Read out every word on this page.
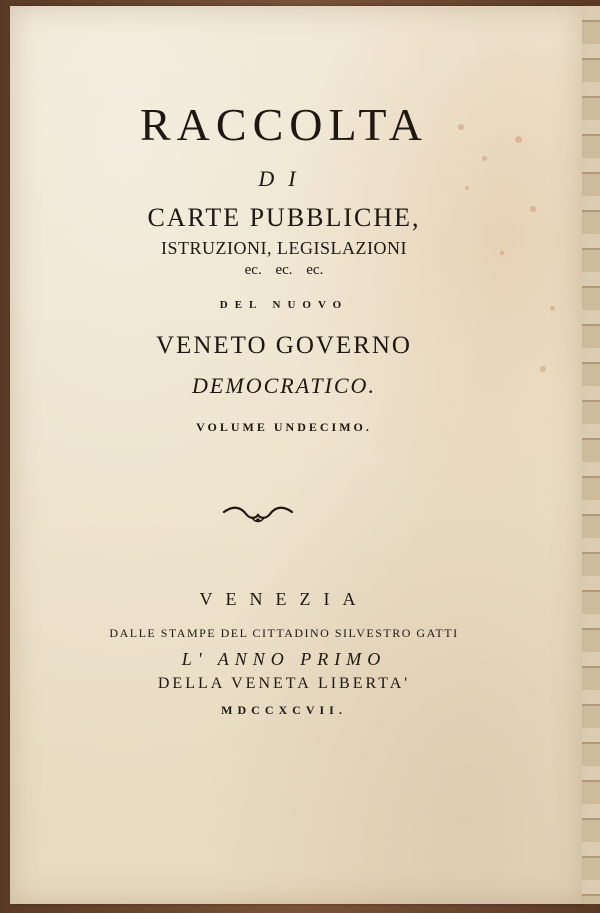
RACCOLTA
DI
CARTE PUBBLICHE,
ISTRUZIONI, LEGISLAZIONI
ec. ec. ec.
DEL NUOVO
VENETO GOVERNO
DEMOCRATICO.
VOLUME UNDECIMO.
VENEZIA
DALLE STAMPE DEL CITTADINO SILVESTRO GATTI
L' ANNO PRIMO
DELLA VENETA LIBERTA'
MDCCXCVII.
